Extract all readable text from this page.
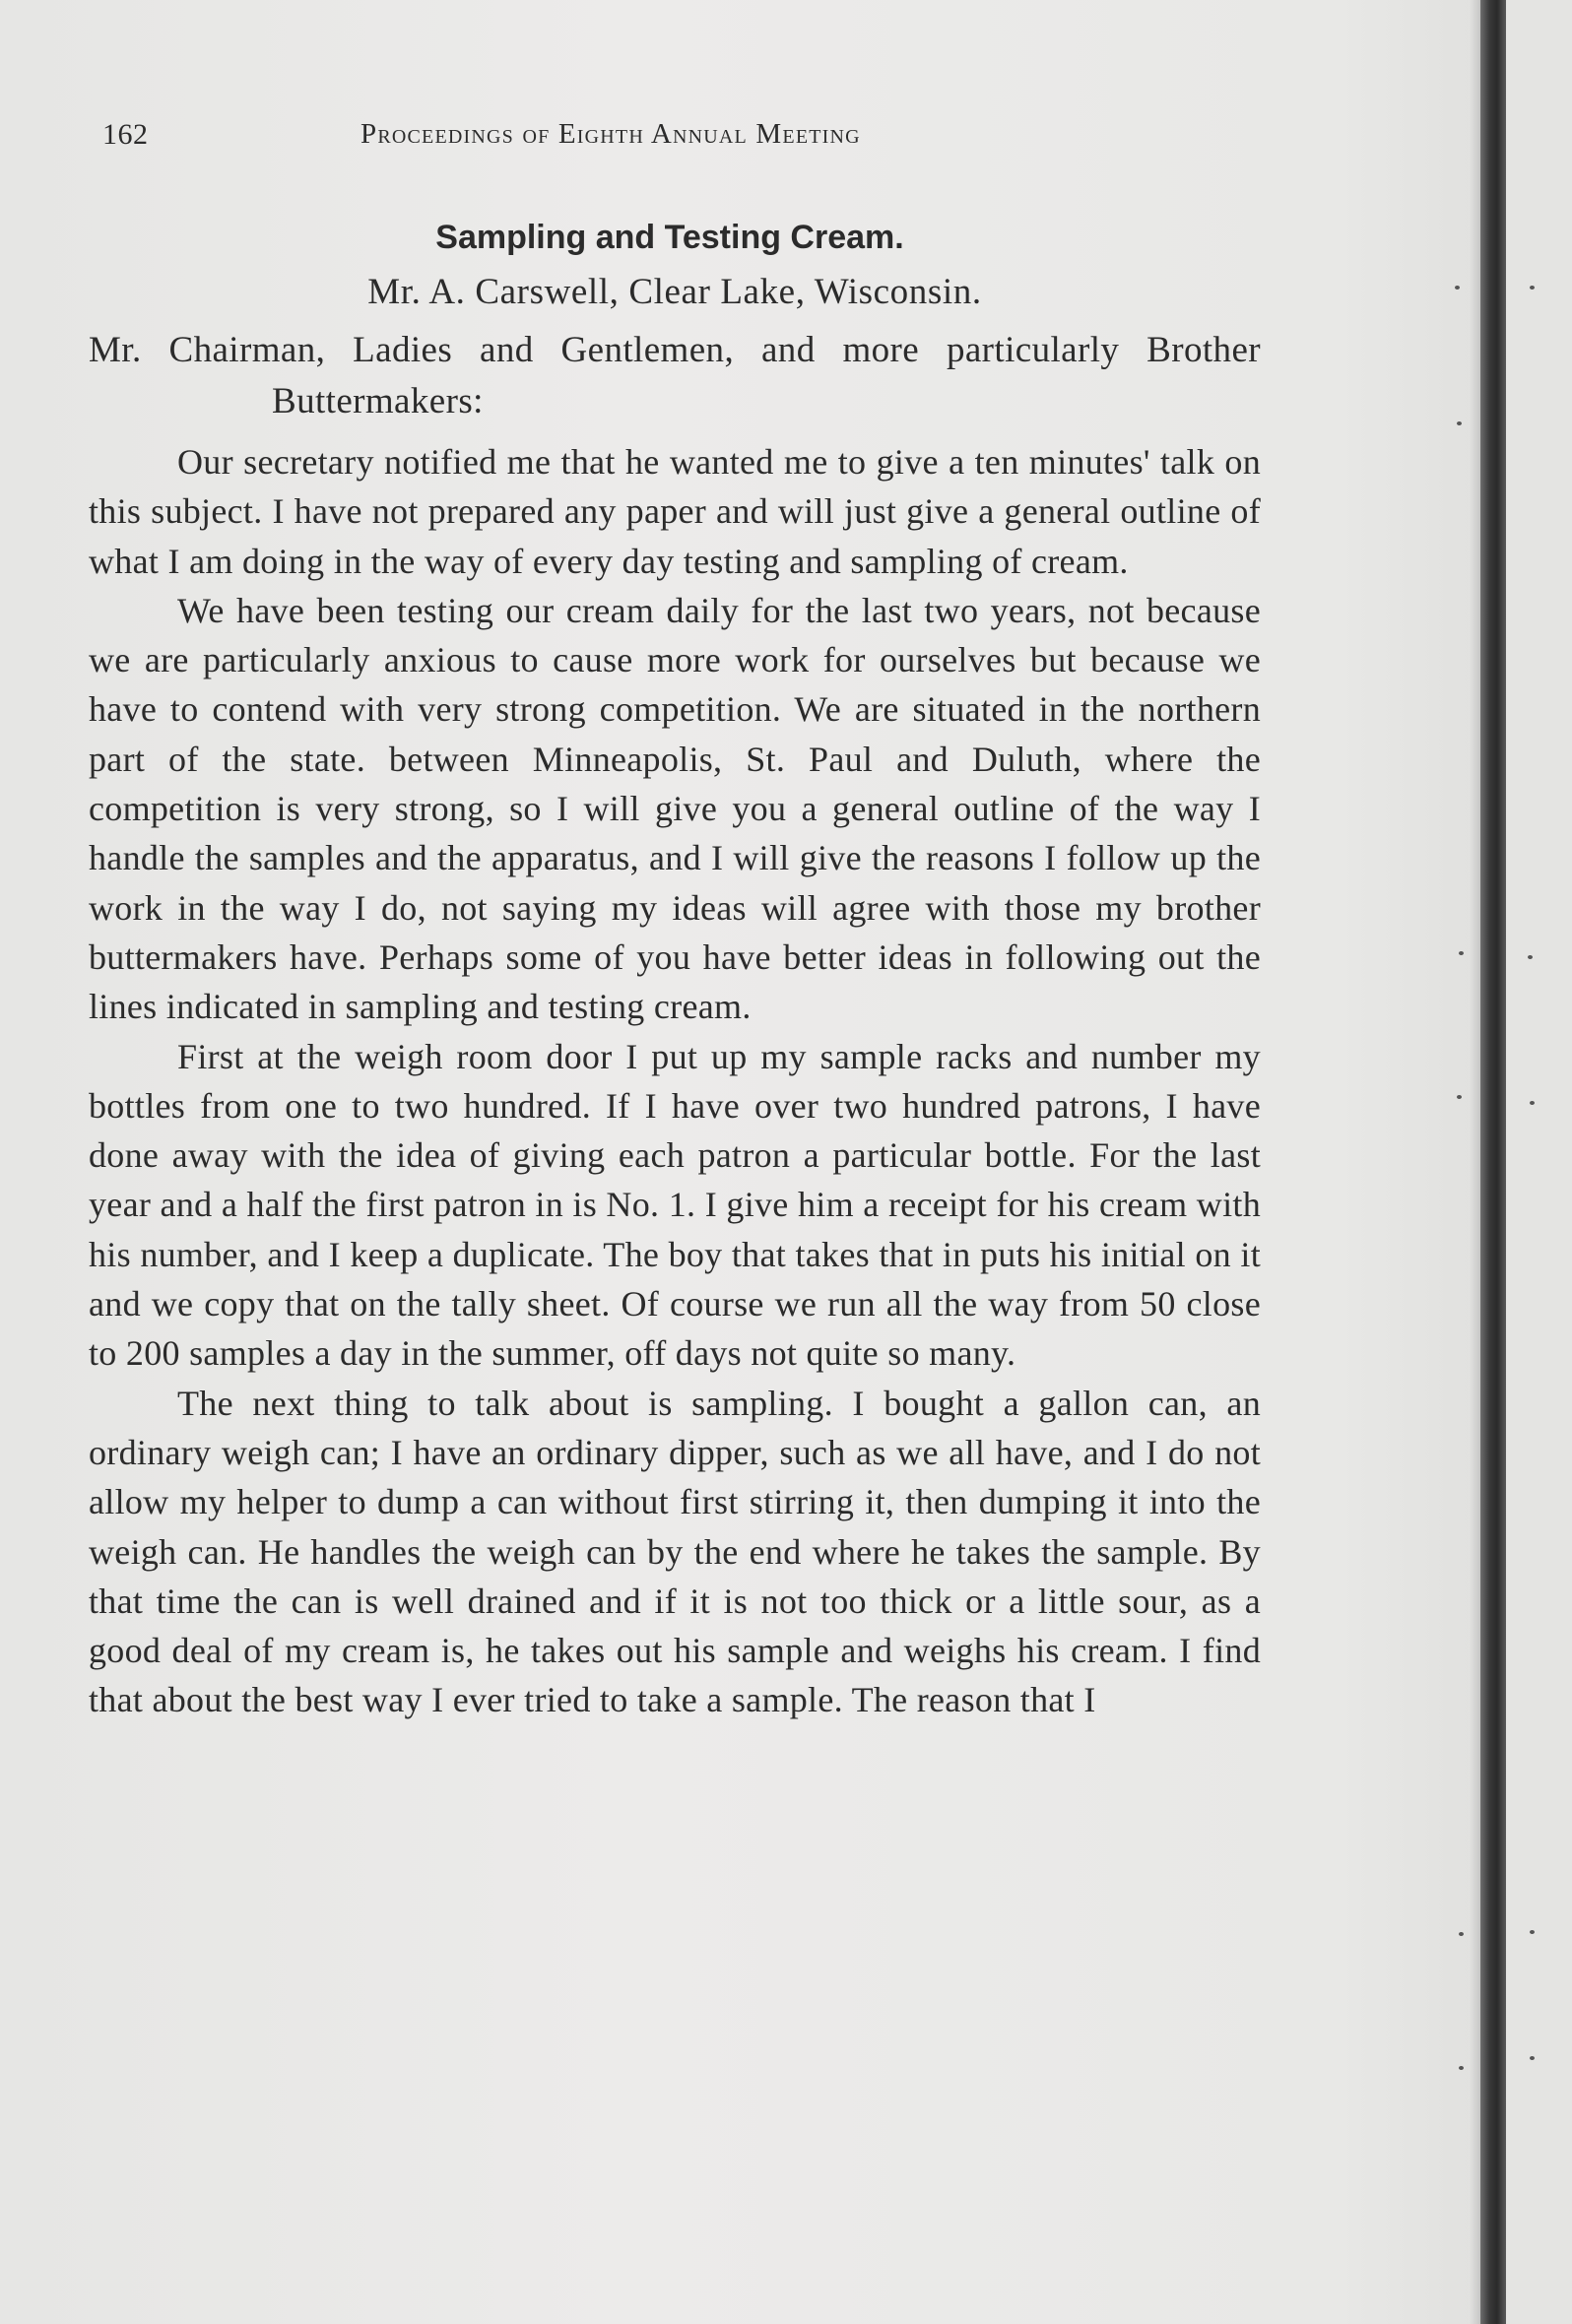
162	Proceedings of Eighth Annual Meeting
Sampling and Testing Cream.
Mr. A. Carswell, Clear Lake, Wisconsin.
Mr. Chairman, Ladies and Gentlemen, and more particularly Brother Buttermakers:

Our secretary notified me that he wanted me to give a ten minutes' talk on this subject. I have not prepared any paper and will just give a general outline of what I am doing in the way of every day testing and sampling of cream.

We have been testing our cream daily for the last two years, not because we are particularly anxious to cause more work for ourselves but because we have to contend with very strong competition. We are situated in the northern part of the state. between Minneapolis, St. Paul and Duluth, where the competition is very strong, so I will give you a general outline of the way I handle the samples and the apparatus, and I will give the reasons I follow up the work in the way I do, not saying my ideas will agree with those my brother buttermakers have. Perhaps some of you have better ideas in following out the lines indicated in sampling and testing cream.

First at the weigh room door I put up my sample racks and number my bottles from one to two hundred. If I have over two hundred patrons, I have done away with the idea of giving each patron a particular bottle. For the last year and a half the first patron in is No. 1. I give him a receipt for his cream with his number, and I keep a duplicate. The boy that takes that in puts his initial on it and we copy that on the tally sheet. Of course we run all the way from 50 close to 200 samples a day in the summer, off days not quite so many.

The next thing to talk about is sampling. I bought a gallon can, an ordinary weigh can; I have an ordinary dipper, such as we all have, and I do not allow my helper to dump a can without first stirring it, then dumping it into the weigh can. He handles the weigh can by the end where he takes the sample. By that time the can is well drained and if it is not too thick or a little sour, as a good deal of my cream is, he takes out his sample and weighs his cream. I find that about the best way I ever tried to take a sample. The reason that I
